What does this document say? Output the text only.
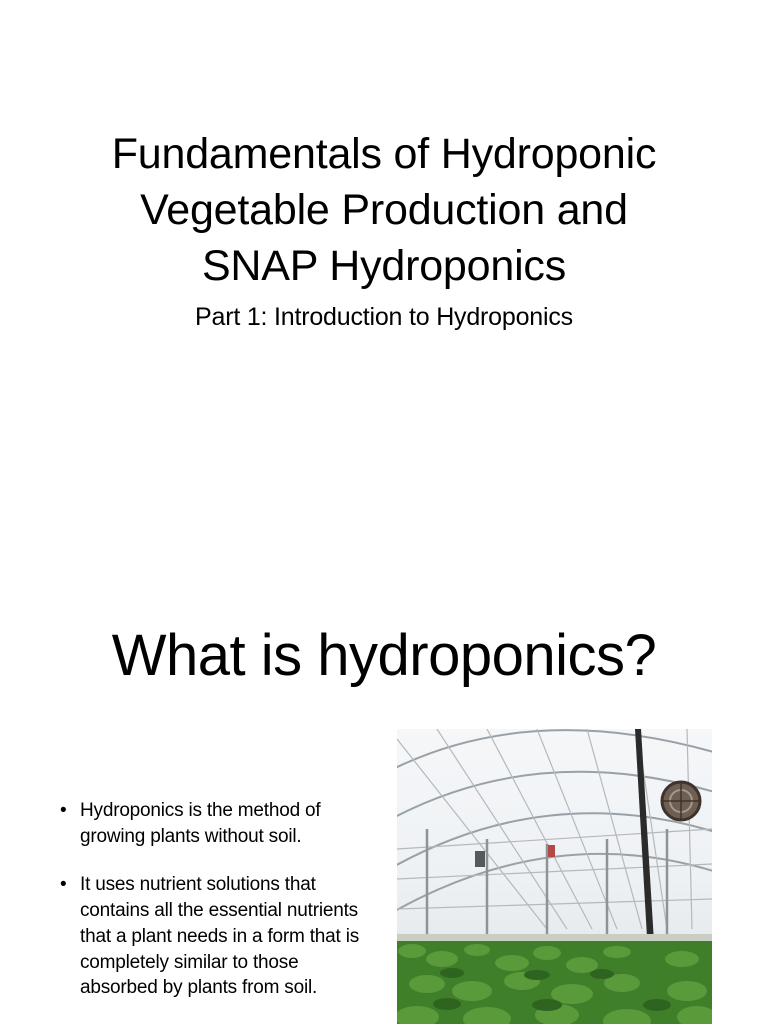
Fundamentals of Hydroponic
Vegetable Production and
SNAP Hydroponics

Part 1: Introduction to Hydroponics

What is hydroponics?
• Hydroponics is the method of growing plants without soil.
• It uses nutrient solutions that contains all the essential nutrients that a plant needs in a form that is completely similar to those absorbed by plants from soil.
